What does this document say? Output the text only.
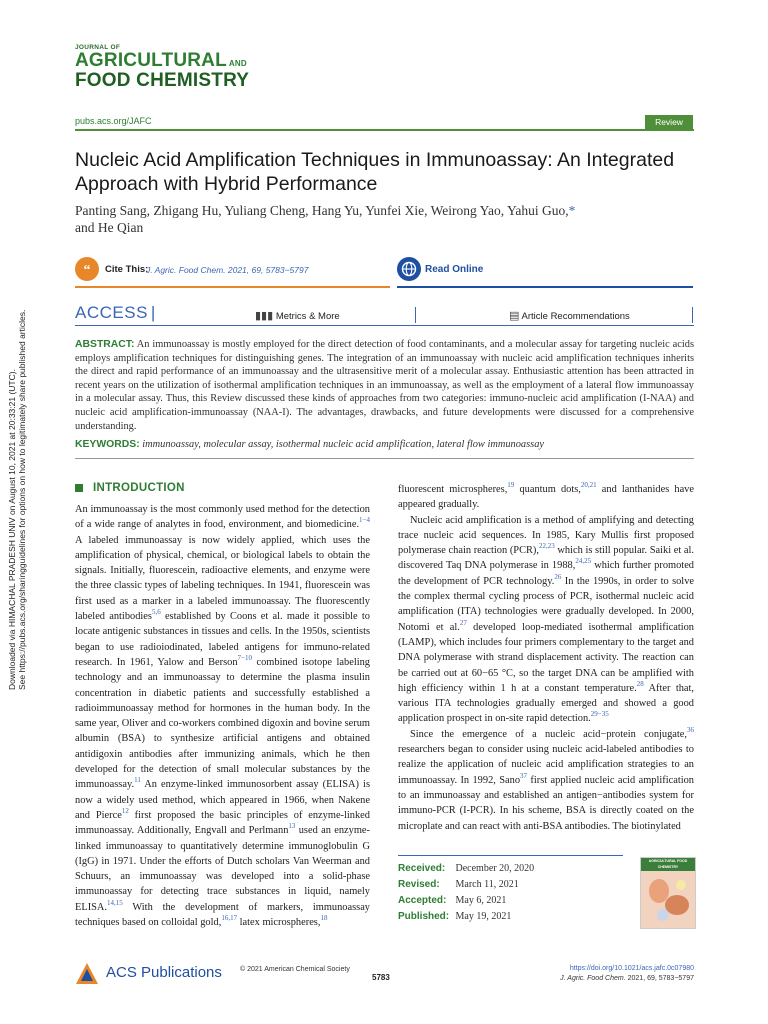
JOURNAL OF
AGRICULTURAL AND
FOOD CHEMISTRY
pubs.acs.org/JAFC	Review
Nucleic Acid Amplification Techniques in Immunoassay: An Integrated Approach with Hybrid Performance
Panting Sang, Zhigang Hu, Yuliang Cheng, Hang Yu, Yunfei Xie, Weirong Yao, Yahui Guo,*
and He Qian
“ Cite This:
J. Agric. Food Chem. 2021, 69, 5783−5797	Read Online
ACCESS |	▮▮▮ Metrics & More	▤ Article Recommendations
ABSTRACT: An immunoassay is mostly employed for the direct detection of food contaminants, and a molecular assay for targeting nucleic acids employs amplification techniques for distinguishing genes. The integration of an immunoassay with nucleic acid amplification techniques inherits the direct and rapid performance of an immunoassay and the ultrasensitive merit of a molecular assay. Enthusiastic attention has been attracted in recent years on the utilization of isothermal amplification techniques in an immunoassay, as well as the employment of a lateral flow immunoassay in a molecular assay. Thus, this Review discussed these kinds of approaches from two categories: immuno-nucleic acid amplification (I-NAA) and nucleic acid amplification-immunoassay (NAA-I). The advantages, drawbacks, and future developments were discussed for a comprehensive understanding.
KEYWORDS: immunoassay, molecular assay, isothermal nucleic acid amplification, lateral flow immunoassay
Downloaded via HIMACHAL PRADESH UNIV on August 10, 2021 at 20:33:21 (UTC). See https://pubs.acs.org/sharingguidelines for options on how to legitimately share published articles.	INTRODUCTION

An immunoassay is the most commonly used method for the detection of a wide range of analytes in food, environment, and biomedicine.$^{1-4}$ A labeled immunoassay is now widely applied, which uses the amplification of physical, chemical, or biological labels to obtain the signals. Initially, fluorescein, radioactive elements, and enzyme were the three classic types of labeling techniques. In 1941, fluorescein was first used as a marker in a labeled immunoassay. The fluorescently labeled antibodies$^{5,6}$ established by Coons et al. made it possible to locate antigenic substances in tissues and cells. In the 1950s, scientists began to use radioiodinated, labeled antigens for immuno-related research. In 1961, Yalow and Berson$^{7-10}$ combined isotope labeling technology and an immunoassay to determine the plasma insulin concentration in diabetic patients and successfully established a radioimmunoassay method for hormones in the human body. In the same year, Oliver and co-workers combined digoxin and bovine serum albumin (BSA) to synthesize artificial antigens and obtained antidigoxin antibodies after immunizing animals, which he then developed for the detection of small molecular substances by the immunoassay.$^{11}$ An enzyme-linked immunosorbent assay (ELISA) is now a widely used method, which appeared in 1966, when Nakene and Pierce$^{12}$ first proposed the basic principles of enzyme-linked immunoassay. Additionally, Engvall and Perlmann$^{13}$ used an enzyme-linked immunoassay to quantitatively determine immunoglobulin G (IgG) in 1971. Under the efforts of Dutch scholars Van Weerman and Schuurs, an immunoassay was developed into a solid-phase immunoassay for detecting trace substances in liquid, namely ELISA.$^{14,15}$ With the development of markers, immunoassay techniques based on colloidal gold,$^{16,17}$ latex microspheres,$^{18}$

fluorescent microspheres,$^{19}$ quantum dots,$^{20,21}$ and lanthanides have appeared gradually.

Nucleic acid amplification is a method of amplifying and detecting trace nucleic acid sequences. In 1985, Kary Mullis first proposed polymerase chain reaction (PCR),$^{22,23}$ which is still popular. Saiki et al. discovered Taq DNA polymerase in 1988,$^{24,25}$ which further promoted the development of PCR technology.$^{26}$ In the 1990s, in order to solve the complex thermal cycling process of PCR, isothermal nucleic acid amplification (ITA) technologies were gradually developed. In 2000, Notomi et al.$^{27}$ developed loop-mediated isothermal amplification (LAMP), which includes four primers complementary to the target and DNA polymerase with strand displacement activity. The reaction can be carried out at 60−65 °C, so the target DNA can be amplified with high efficiency within 1 h at a constant temperature.$^{28}$ After that, various ITA technologies gradually emerged and showed a good application prospect in on-site rapid detection.$^{29-35}$

Since the emergence of a nucleic acid−protein conjugate,$^{36}$ researchers began to consider using nucleic acid-labeled antibodies to realize the application of nucleic acid amplification strategies to an immunoassay. In 1992, Sano$^{37}$ first applied nucleic acid amplification to an immunoassay and established an antigen−antibodies system for immuno-PCR (I-PCR). In his scheme, BSA is directly coated on the microplate and can react with anti-BSA antibodies. The biotinylated

Received: December 20, 2020
Revised: March 11, 2021
Accepted: May 6, 2021
Published: May 19, 2021
AGRICULTURAL FOOD CHEMISTRY
ACS Publications	© 2021 American Chemical Society
5783
https://doi.org/10.1021/acs.jafc.0c07980
J. Agric. Food Chem. 2021, 69, 5783−5797
